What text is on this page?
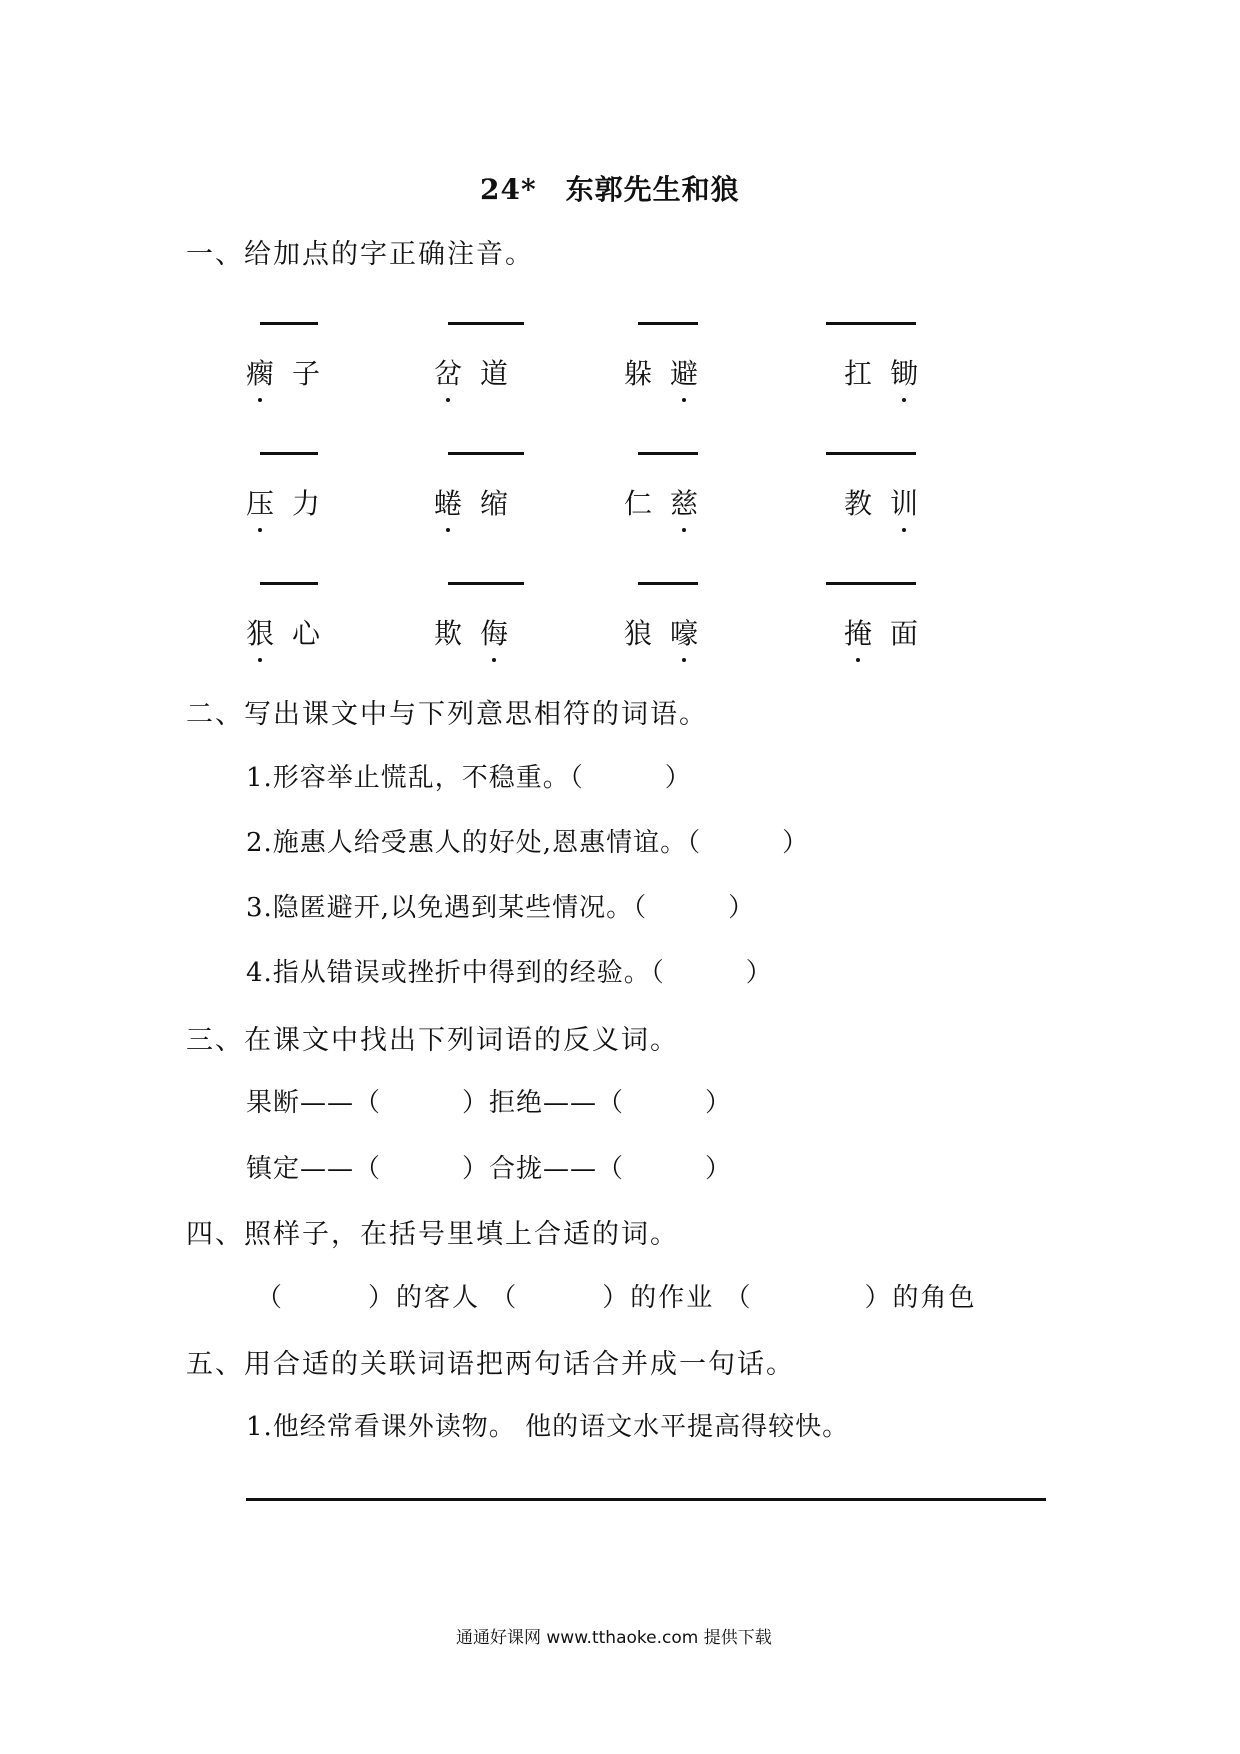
24*　东郭先生和狼
一、给加点的字正确注音。
瘸 子	岔 道	躲 避	扛 锄
压 力	蜷 缩	仁 慈	教 训
狠 心	欺 侮	狼 嚎	掩 面
二、写出课文中与下列意思相符的词语。
1.形容举止慌乱，不稳重。（　　　）
2.施惠人给受惠人的好处,恩惠情谊。（　　　）
3.隐匿避开,以免遇到某些情况。（　　　）
4.指从错误或挫折中得到的经验。（　　　）
三、在课文中找出下列词语的反义词。
果断——（　　　）拒绝——（　　　）
镇定——（　　　）合拢——（　　　）
四、照样子，在括号里填上合适的词。
（　　　）的客人 （　　　）的作业 （　　　　）的角色
五、用合适的关联词语把两句话合并成一句话。
1.他经常看课外读物。 他的语文水平提高得较快。
通通好课网 www.tthaoke.com 提供下载
